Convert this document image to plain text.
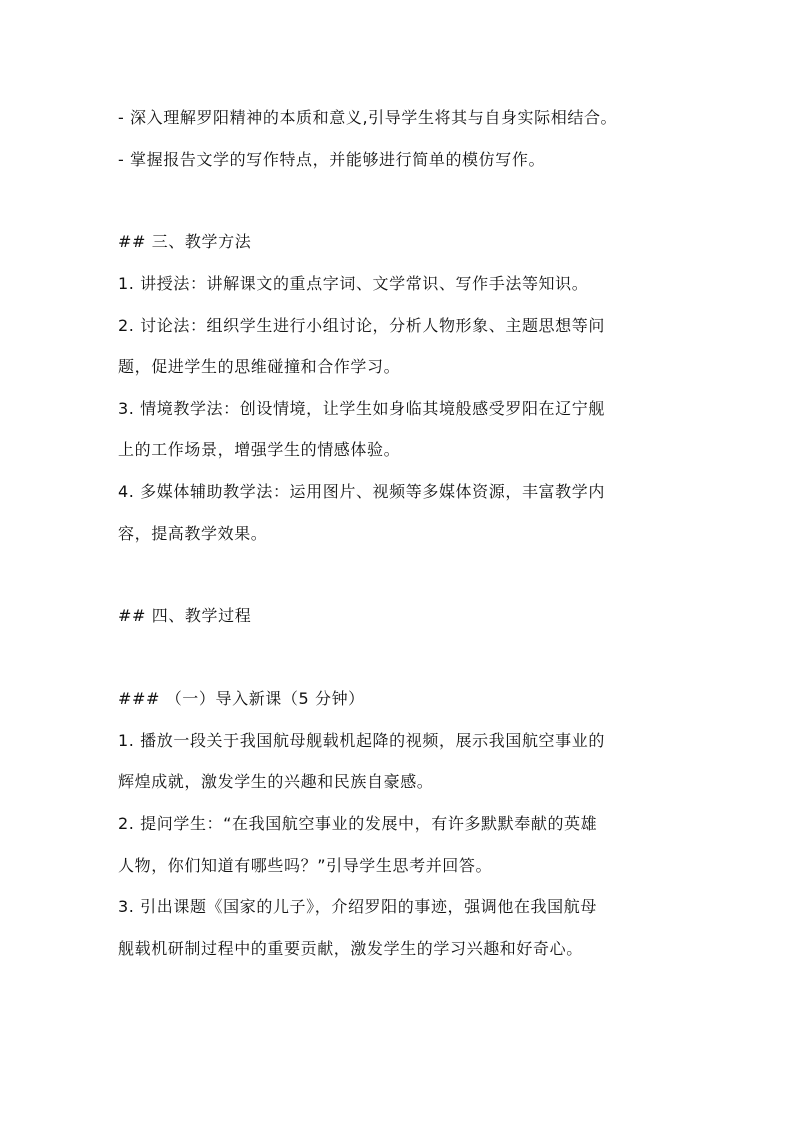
- 深入理解罗阳精神的本质和意义,引导学生将其与自身实际相结合。
- 掌握报告文学的写作特点，并能够进行简单的模仿写作。
## 三、教学方法
1. 讲授法：讲解课文的重点字词、文学常识、写作手法等知识。
2. 讨论法：组织学生进行小组讨论，分析人物形象、主题思想等问
题，促进学生的思维碰撞和合作学习。
3. 情境教学法：创设情境，让学生如身临其境般感受罗阳在辽宁舰
上的工作场景，增强学生的情感体验。
4. 多媒体辅助教学法：运用图片、视频等多媒体资源，丰富教学内
容，提高教学效果。
## 四、教学过程
### （一）导入新课（5 分钟）
1. 播放一段关于我国航母舰载机起降的视频，展示我国航空事业的
辉煌成就，激发学生的兴趣和民族自豪感。
2. 提问学生：“在我国航空事业的发展中，有许多默默奉献的英雄
人物，你们知道有哪些吗？”引导学生思考并回答。
3. 引出课题《国家的儿子》，介绍罗阳的事迹，强调他在我国航母
舰载机研制过程中的重要贡献，激发学生的学习兴趣和好奇心。
